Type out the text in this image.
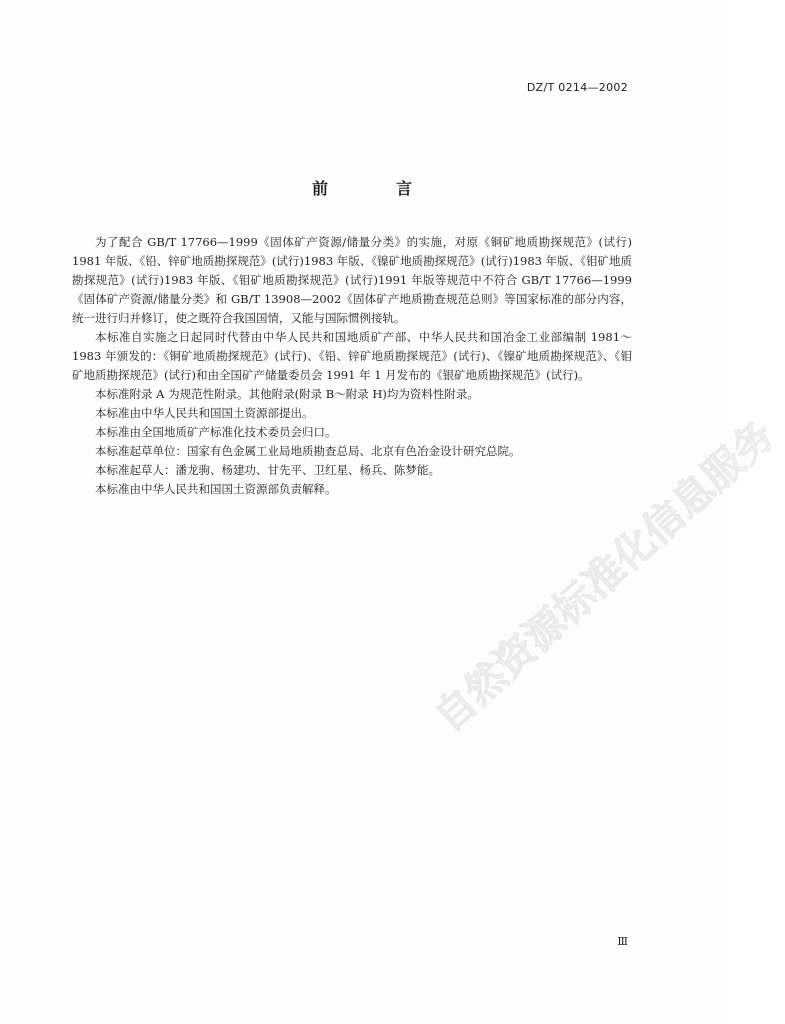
DZ/T 0214—2002
前　言

为了配合 GB/T 17766—1999《固体矿产资源/储量分类》的实施，对原《铜矿地质勘探规范》(试行) 1981 年版、《铅、锌矿地质勘探规范》(试行)1983 年版、《镍矿地质勘探规范》(试行)1983 年版、《钼矿地质勘探规范》(试行)1983 年版、《钼矿地质勘探规范》(试行)1991 年版等规范中不符合 GB/T 17766—1999《固体矿产资源/储量分类》和 GB/T 13908—2002《固体矿产地质勘查规范总则》等国家标准的部分内容，统一进行归并修订，使之既符合我国国情，又能与国际惯例接轨。

本标准自实施之日起同时代替由中华人民共和国地质矿产部、中华人民共和国冶金工业部编制 1981～1983 年颁发的：《铜矿地质勘探规范》(试行)、《铅、锌矿地质勘探规范》(试行)、《镍矿地质勘探规范》、《钼矿地质勘探规范》(试行)和由全国矿产储量委员会 1991 年 1 月发布的《银矿地质勘探规范》(试行)。

本标准附录 A 为规范性附录。其他附录(附录 B～附录 H)均为资料性附录。

本标准由中华人民共和国国土资源部提出。

本标准由全国地质矿产标准化技术委员会归口。

本标准起草单位：国家有色金属工业局地质勘查总局、北京有色冶金设计研究总院。

本标准起草人：潘龙驹、杨建功、甘先平、卫红星、杨兵、陈梦能。

本标准由中华人民共和国国土资源部负责解释。	自然资源标准化信息服务
Ⅲ
